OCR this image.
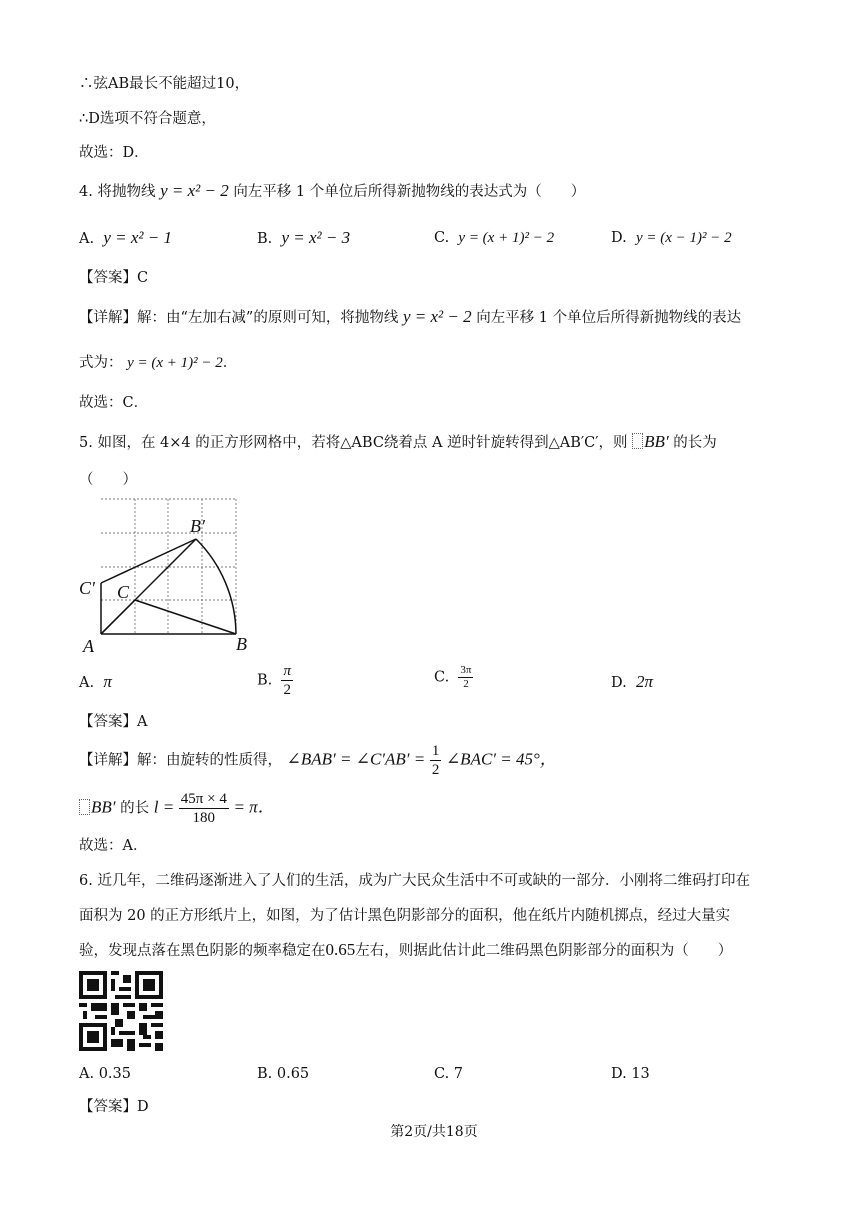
∴弦AB最长不能超过10，
∴D选项不符合题意，
故选：D．
4. 将抛物线 y = x² − 2 向左平移 1 个单位后所得新抛物线的表达式为（　　）
A. y = x² − 1	B. y = x² − 3	C. y = (x + 1)² − 2	D. y = (x − 1)² − 2
【答案】C
【详解】解：由“左加右减”的原则可知，将抛物线 y = x² − 2 向左平移 1 个单位后所得新抛物线的表达
式为： y = (x + 1)² − 2．
故选：C．
5. 如图，在 4×4 的正方形网格中，若将△ABC绕着点 A 逆时针旋转得到△AB′C′，则 BB′ 的长为
（　　）
A	B
C
B′
C′
A. π	B. $\frac{\pi}{2}$	C. $\frac{3\pi}{2}$	D. 2π
【答案】A
【详解】解：由旋转的性质得， ∠BAB′ = ∠C′AB′ = $\frac{1}{2}$ ∠BAC′ = 45°，
BB′ 的长 $l = \frac{45\pi \times 4}{180} = \pi$．
故选：A．
6. 近几年，二维码逐渐进入了人们的生活，成为广大民众生活中不可或缺的一部分．小刚将二维码打印在
面积为 20 的正方形纸片上，如图，为了估计黑色阴影部分的面积，他在纸片内随机掷点，经过大量实
验，发现点落在黑色阴影的频率稳定在0.65左右，则据此估计此二维码黑色阴影部分的面积为（　　）
A. 0.35	B. 0.65	C. 7	D. 13
【答案】D
第2页/共18页
